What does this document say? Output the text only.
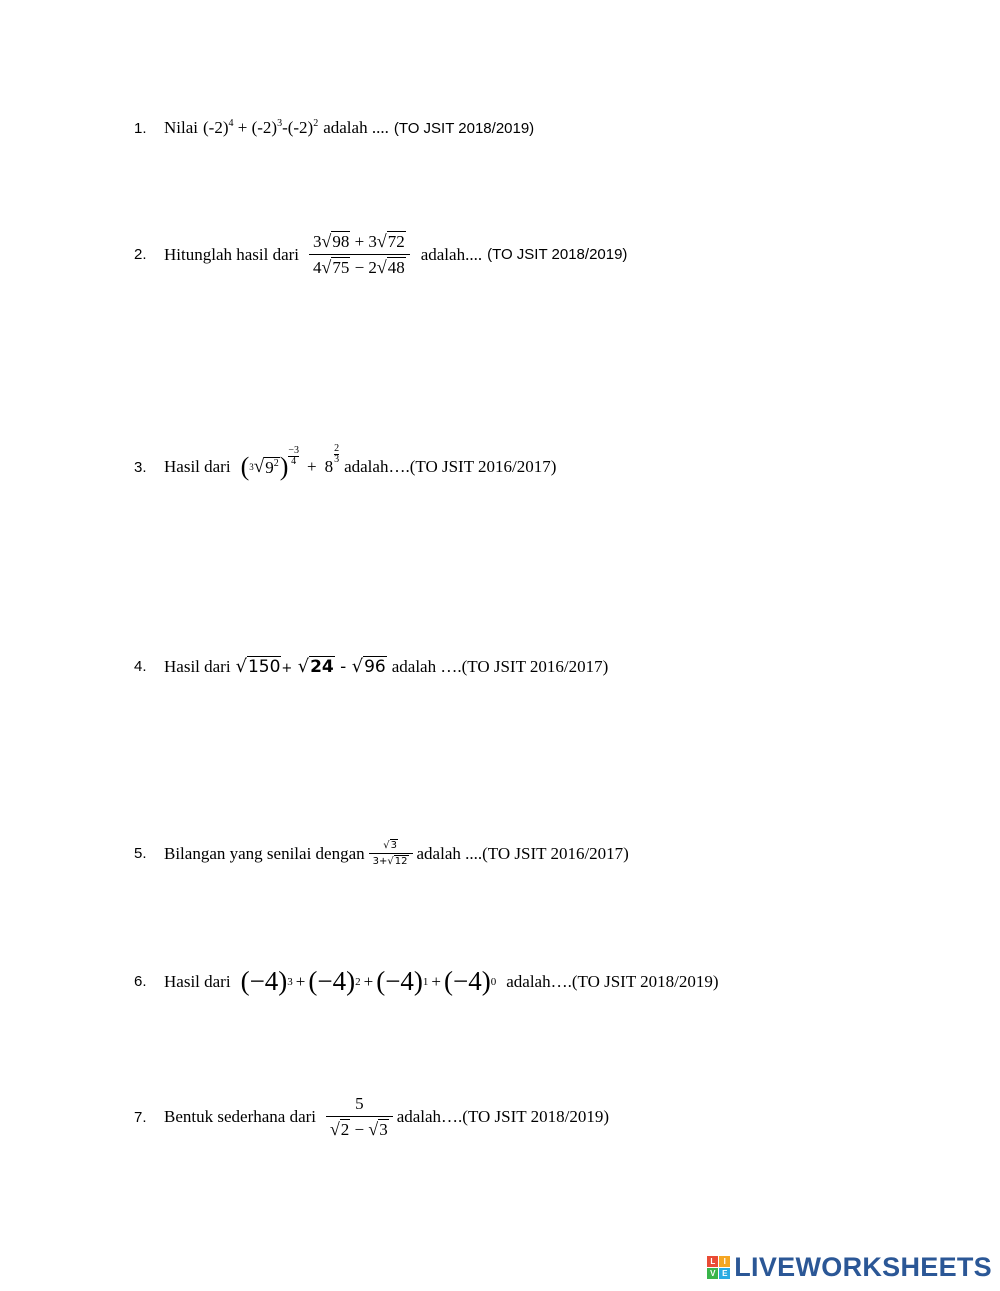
1.	Nilai $(-2)^4 + (-2)^3-(-2)^2$ adalah .... (TO JSIT 2018/2019)
2.	Hitunglah hasil dari $\frac{3√98 + 3√72}{4√75 - 2√48}$ adalah.... (TO JSIT 2018/2019)
3.	Hasil dari ( 3 √ $9^2$ )
−3
4 + 8
2
3 adalah…. (TO JSIT 2016/2017)
4.	Hasil dari √150+ √24 - √96 adalah …. (TO JSIT 2016/2017)
5.	Bilangan yang senilai dengan $\frac{√3}{3+√12}$ adalah .... (TO JSIT 2016/2017)
6.	Hasil dari (−4) 3 + (−4) 2 + (−4) 1 + (−4) 0 adalah…. (TO JSIT 2018/2019)
7.	Bentuk sederhana dari $\frac{5}{√2 - √3}$ adalah…. (TO JSIT 2018/2019)
L	I
V E LIVEWORKSHEETS
